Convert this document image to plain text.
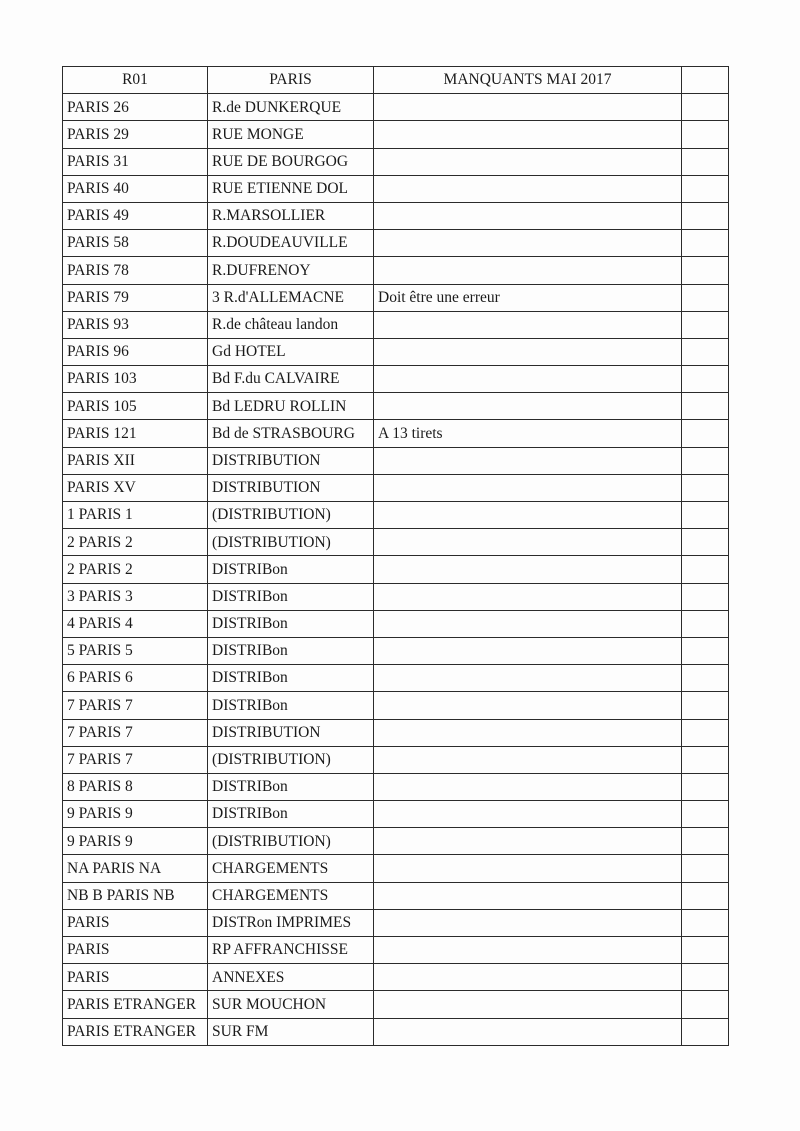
R01	PARIS	MANQUANTS MAI 2017	
PARIS 26	R.de DUNKERQUE		
PARIS 29	RUE MONGE		
PARIS 31	RUE DE BOURGOG		
PARIS 40	RUE ETIENNE DOL		
PARIS 49	R.MARSOLLIER		
PARIS 58	R.DOUDEAUVILLE		
PARIS 78	R.DUFRENOY		
PARIS 79	3 R.d'ALLEMACNE	Doit être une erreur	
PARIS 93	R.de château landon		
PARIS 96	Gd HOTEL		
PARIS 103	Bd F.du CALVAIRE		
PARIS 105	Bd LEDRU ROLLIN		
PARIS 121	Bd de STRASBOURG	A 13 tirets	
PARIS XII	DISTRIBUTION		
PARIS XV	DISTRIBUTION		
1 PARIS 1	(DISTRIBUTION)		
2 PARIS 2	(DISTRIBUTION)		
2 PARIS 2	DISTRIBon		
3 PARIS 3	DISTRIBon		
4 PARIS 4	DISTRIBon		
5 PARIS 5	DISTRIBon		
6 PARIS 6	DISTRIBon		
7 PARIS 7	DISTRIBon		
7 PARIS 7	DISTRIBUTION		
7 PARIS 7	(DISTRIBUTION)		
8 PARIS 8	DISTRIBon		
9 PARIS 9	DISTRIBon		
9 PARIS 9	(DISTRIBUTION)		
NA PARIS NA	CHARGEMENTS		
NB B PARIS NB	CHARGEMENTS		
PARIS	DISTRon IMPRIMES		
PARIS	RP AFFRANCHISSE		
PARIS	ANNEXES		
PARIS ETRANGER	SUR MOUCHON		
PARIS ETRANGER	SUR FM		
